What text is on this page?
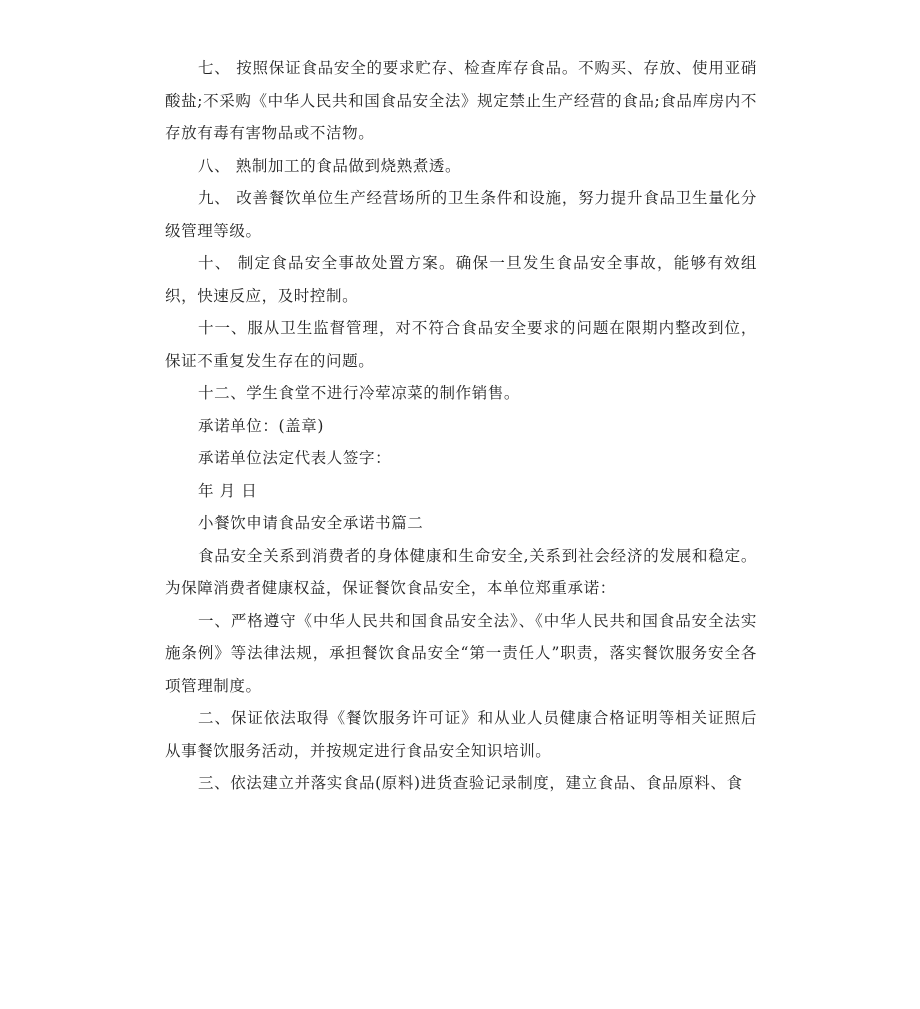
七、 按照保证食品安全的要求贮存、检查库存食品。不购买、存放、使用亚硝酸盐;不采购《中华人民共和国食品安全法》规定禁止生产经营的食品;食品库房内不存放有毒有害物品或不洁物。

八、 熟制加工的食品做到烧熟煮透。

九、 改善餐饮单位生产经营场所的卫生条件和设施，努力提升食品卫生量化分级管理等级。

十、 制定食品安全事故处置方案。确保一旦发生食品安全事故，能够有效组织，快速反应，及时控制。

十一、服从卫生监督管理，对不符合食品安全要求的问题在限期内整改到位，保证不重复发生存在的问题。

十二、学生食堂不进行冷荤凉菜的制作销售。

承诺单位：(盖章)

承诺单位法定代表人签字：

年 月 日

小餐饮申请食品安全承诺书篇二

食品安全关系到消费者的身体健康和生命安全,关系到社会经济的发展和稳定。为保障消费者健康权益，保证餐饮食品安全，本单位郑重承诺：

一、严格遵守《中华人民共和国食品安全法》、《中华人民共和国食品安全法实施条例》等法律法规，承担餐饮食品安全“第一责任人”职责，落实餐饮服务安全各项管理制度。

二、保证依法取得《餐饮服务许可证》和从业人员健康合格证明等相关证照后从事餐饮服务活动，并按规定进行食品安全知识培训。

三、依法建立并落实食品(原料)进货查验记录制度，建立食品、食品原料、食
